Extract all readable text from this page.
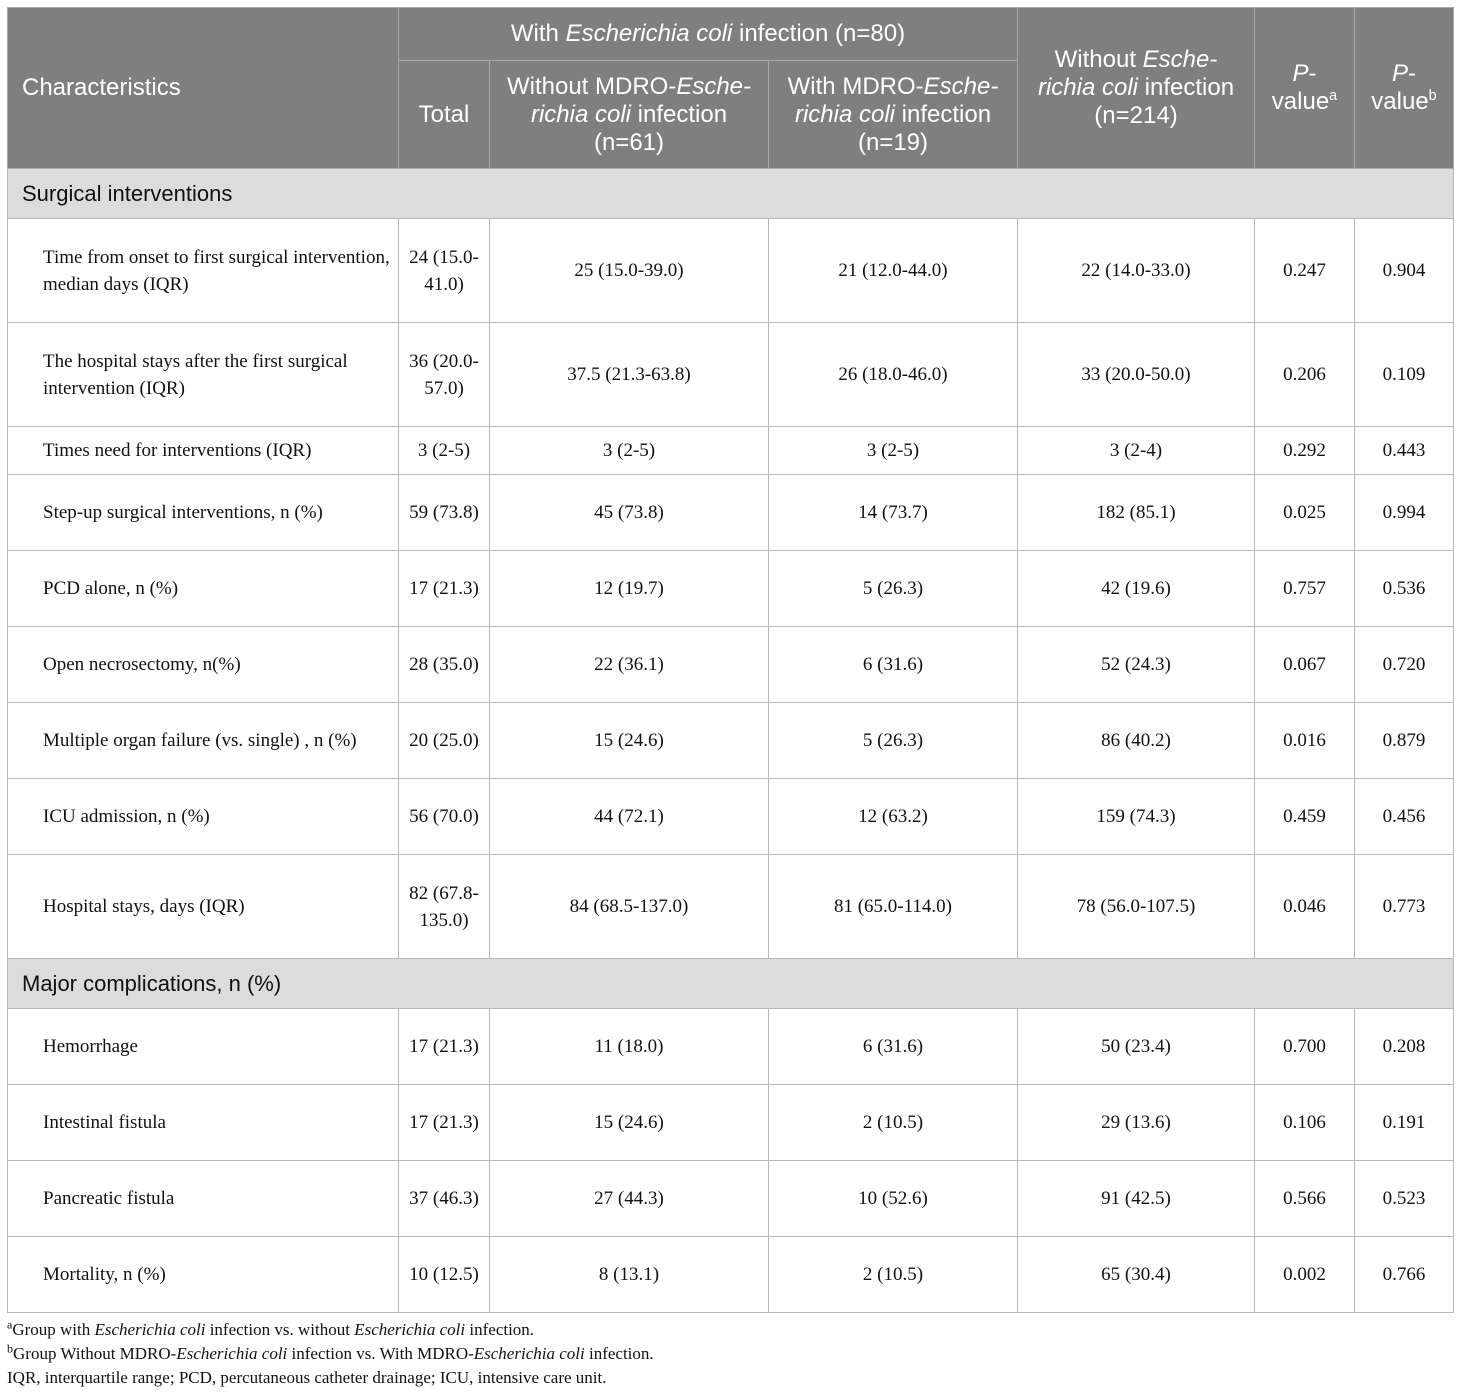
Characteristics	With Escherichia coli infection (n=80)			Without Esche-richia coli infection (n=214)	P-value$^a$	P-value$^b$
	Total	Without MDRO-Esche-richia coli infection (n=61)	With MDRO-Esche-richia coli infection (n=19)			
Surgical interventions						
Time from onset to first surgical intervention, median days (IQR)	24 (15.0-41.0)	25 (15.0-39.0)	21 (12.0-44.0)	22 (14.0-33.0)	0.247	0.904
The hospital stays after the first surgical intervention (IQR)	36 (20.0-57.0)	37.5 (21.3-63.8)	26 (18.0-46.0)	33 (20.0-50.0)	0.206	0.109
Times need for interventions (IQR)	3 (2-5)	3 (2-5)	3 (2-5)	3 (2-4)	0.292	0.443
Step-up surgical interventions, n (%)	59 (73.8)	45 (73.8)	14 (73.7)	182 (85.1)	0.025	0.994
PCD alone, n (%)	17 (21.3)	12 (19.7)	5 (26.3)	42 (19.6)	0.757	0.536
Open necrosectomy, n(%)	28 (35.0)	22 (36.1)	6 (31.6)	52 (24.3)	0.067	0.720
Multiple organ failure (vs. single) , n (%)	20 (25.0)	15 (24.6)	5 (26.3)	86 (40.2)	0.016	0.879
ICU admission, n (%)	56 (70.0)	44 (72.1)	12 (63.2)	159 (74.3)	0.459	0.456
Hospital stays, days (IQR)	82 (67.8-135.0)	84 (68.5-137.0)	81 (65.0-114.0)	78 (56.0-107.5)	0.046	0.773
Major complications, n (%)						
Hemorrhage	17 (21.3)	11 (18.0)	6 (31.6)	50 (23.4)	0.700	0.208
Intestinal fistula	17 (21.3)	15 (24.6)	2 (10.5)	29 (13.6)	0.106	0.191
Pancreatic fistula	37 (46.3)	27 (44.3)	10 (52.6)	91 (42.5)	0.566	0.523
Mortality, n (%)	10 (12.5)	8 (13.1)	2 (10.5)	65 (30.4)	0.002	0.766
$^a$Group with Escherichia coli infection vs. without Escherichia coli infection.
$^b$Group Without MDRO-Escherichia coli infection vs. With MDRO-Escherichia coli infection.
IQR, interquartile range; PCD, percutaneous catheter drainage; ICU, intensive care unit.
